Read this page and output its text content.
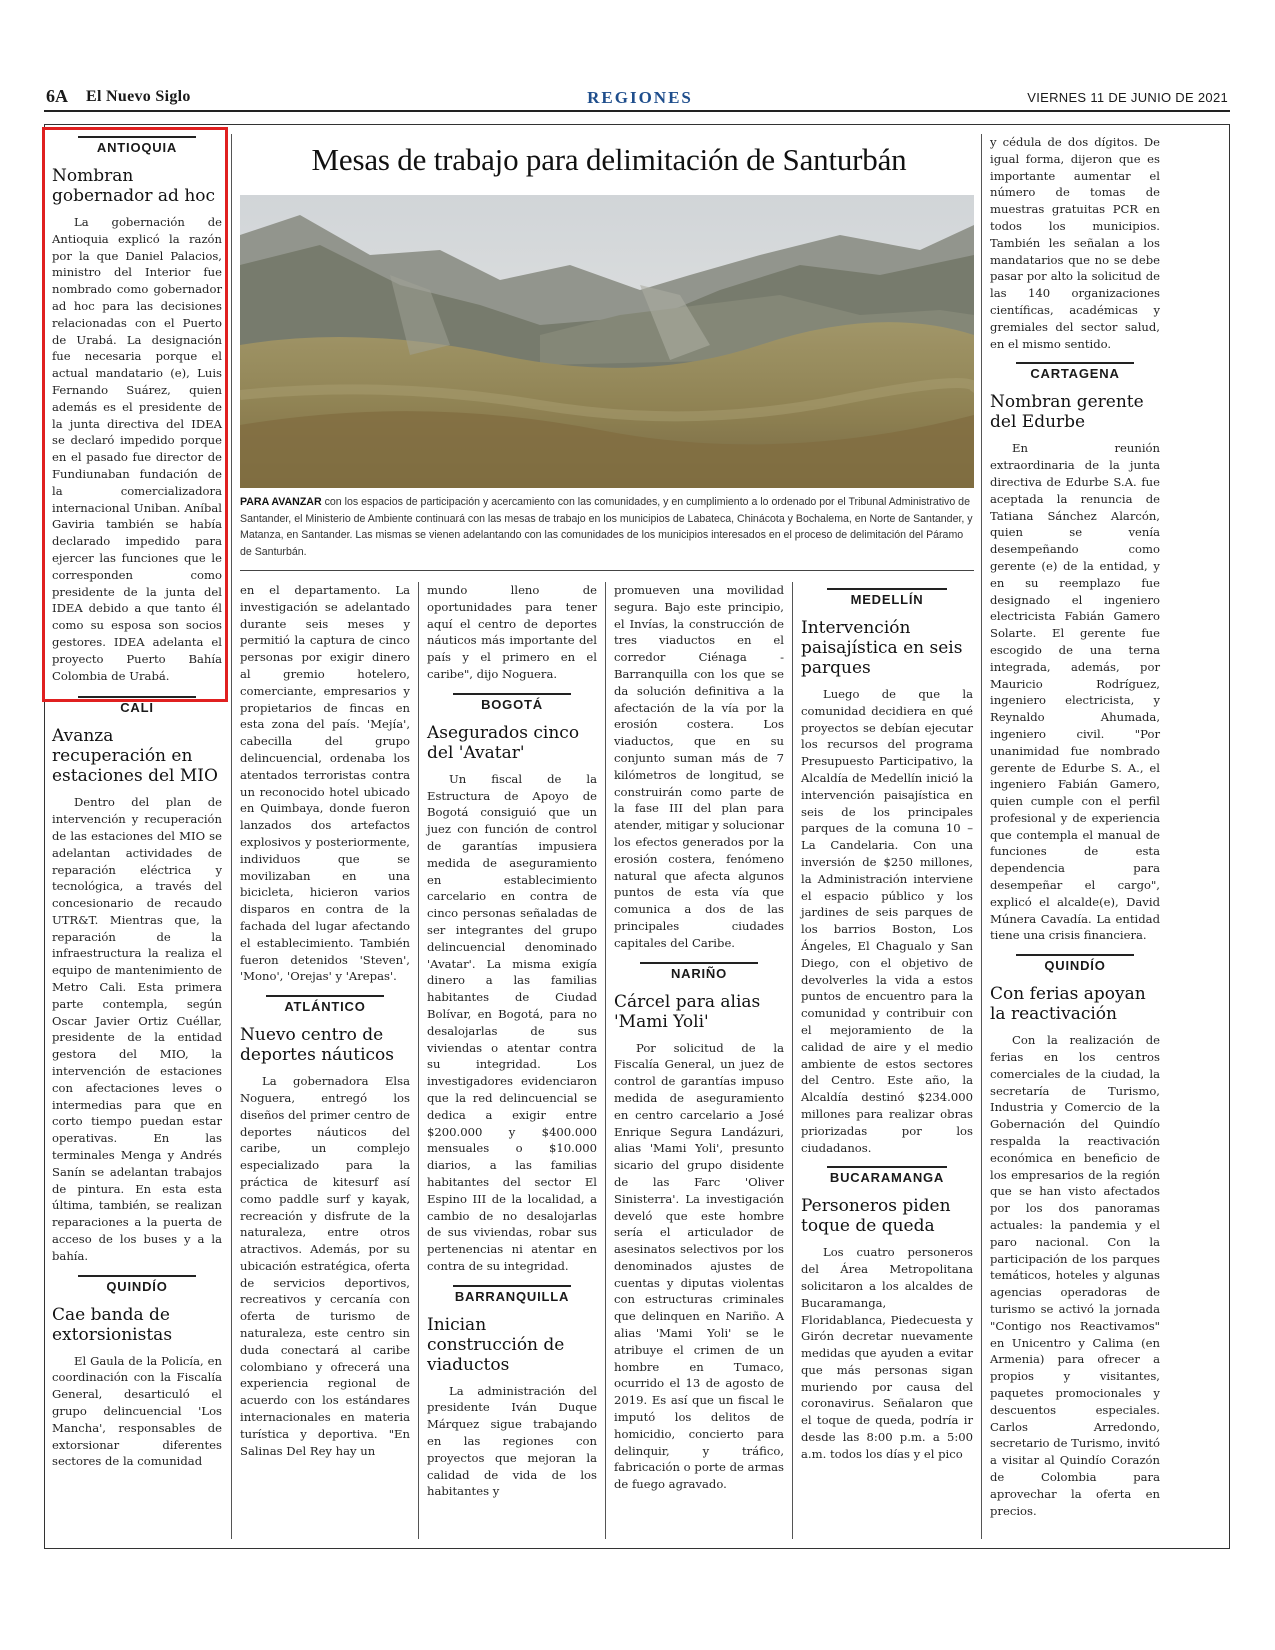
6A El Nuevo Siglo	REGIONES	VIERNES 11 DE JUNIO DE 2021
ANTIOQUIA
Nombran gobernador ad hoc

La gobernación de Antioquia explicó la razón por la que Daniel Palacios, ministro del Interior fue nombrado como gobernador ad hoc para las decisiones relacionadas con el Puerto de Urabá. La designación fue necesaria porque el actual mandatario (e), Luis Fernando Suárez, quien además es el presidente de la junta directiva del IDEA se declaró impedido porque en el pasado fue director de Fundiunaban fundación de la comercializadora internacional Uniban. Aníbal Gaviria también se había declarado impedido para ejercer las funciones que le corresponden como presidente de la junta del IDEA debido a que tanto él como su esposa son socios gestores. IDEA adelanta el proyecto Puerto Bahía Colombia de Urabá.

CALI
Avanza recuperación en estaciones del MIO

Dentro del plan de intervención y recuperación de las estaciones del MIO se adelantan actividades de reparación eléctrica y tecnológica, a través del concesionario de recaudo UTR&T. Mientras que, la reparación de la infraestructura la realiza el equipo de mantenimiento de Metro Cali. Esta primera parte contempla, según Oscar Javier Ortiz Cuéllar, presidente de la entidad gestora del MIO, la intervención de estaciones con afectaciones leves o intermedias para que en corto tiempo puedan estar operativas. En las terminales Menga y Andrés Sanín se adelantan trabajos de pintura. En esta esta última, también, se realizan reparaciones a la puerta de acceso de los buses y a la bahía.

QUINDÍO
Cae banda de extorsionistas

El Gaula de la Policía, en coordinación con la Fiscalía General, desarticuló el grupo delincuencial 'Los Mancha', responsables de extorsionar diferentes sectores de la comunidad

Mesas de trabajo para delimitación de Santurbán
PARA AVANZAR con los espacios de participación y acercamiento con las comunidades, y en cumplimiento a lo ordenado por el Tribunal Administrativo de Santander, el Ministerio de Ambiente continuará con las mesas de trabajo en los municipios de Labateca, Chinácota y Bochalema, en Norte de Santander, y Matanza, en Santander. Las mismas se vienen adelantando con las comunidades de los municipios interesados en el proceso de delimitación del Páramo de Santurbán.

en el departamento. La investigación se adelantado durante seis meses y permitió la captura de cinco personas por exigir dinero al gremio hotelero, comerciante, empresarios y propietarios de fincas en esta zona del país. 'Mejía', cabecilla del grupo delincuencial, ordenaba los atentados terroristas contra un reconocido hotel ubicado en Quimbaya, donde fueron lanzados dos artefactos explosivos y posteriormente, individuos que se movilizaban en una bicicleta, hicieron varios disparos en contra de la fachada del lugar afectando el establecimiento. También fueron detenidos 'Steven', 'Mono', 'Orejas' y 'Arepas'.

ATLÁNTICO
Nuevo centro de deportes náuticos

La gobernadora Elsa Noguera, entregó los diseños del primer centro de deportes náuticos del caribe, un complejo especializado para la práctica de kitesurf así como paddle surf y kayak, recreación y disfrute de la naturaleza, entre otros atractivos. Además, por su ubicación estratégica, oferta de servicios deportivos, recreativos y cercanía con oferta de turismo de naturaleza, este centro sin duda conectará al caribe colombiano y ofrecerá una experiencia regional de acuerdo con los estándares internacionales en materia turística y deportiva. "En Salinas Del Rey hay un

mundo lleno de oportunidades para tener aquí el centro de deportes náuticos más importante del país y el primero en el caribe", dijo Noguera.

BOGOTÁ
Asegurados cinco del 'Avatar'

Un fiscal de la Estructura de Apoyo de Bogotá consiguió que un juez con función de control de garantías impusiera medida de aseguramiento en establecimiento carcelario en contra de cinco personas señaladas de ser integrantes del grupo delincuencial denominado 'Avatar'. La misma exigía dinero a las familias habitantes de Ciudad Bolívar, en Bogotá, para no desalojarlas de sus viviendas o atentar contra su integridad. Los investigadores evidenciaron que la red delincuencial se dedica a exigir entre $200.000 y $400.000 mensuales o $10.000 diarios, a las familias habitantes del sector El Espino III de la localidad, a cambio de no desalojarlas de sus viviendas, robar sus pertenencias ni atentar en contra de su integridad.

BARRANQUILLA
Inician construcción de viaductos

La administración del presidente Iván Duque Márquez sigue trabajando en las regiones con proyectos que mejoran la calidad de vida de los habitantes y

promueven una movilidad segura. Bajo este principio, el Invías, la construcción de tres viaductos en el corredor Ciénaga - Barranquilla con los que se da solución definitiva a la afectación de la vía por la erosión costera. Los viaductos, que en su conjunto suman más de 7 kilómetros de longitud, se construirán como parte de la fase III del plan para atender, mitigar y solucionar los efectos generados por la erosión costera, fenómeno natural que afecta algunos puntos de esta vía que comunica a dos de las principales ciudades capitales del Caribe.

NARIÑO
Cárcel para alias 'Mami Yoli'

Por solicitud de la Fiscalía General, un juez de control de garantías impuso medida de aseguramiento en centro carcelario a José Enrique Segura Landázuri, alias 'Mami Yoli', presunto sicario del grupo disidente de las Farc 'Oliver Sinisterra'. La investigación develó que este hombre sería el articulador de asesinatos selectivos por los denominados ajustes de cuentas y diputas violentas con estructuras criminales que delinquen en Nariño. A alias 'Mami Yoli' se le atribuye el crimen de un hombre en Tumaco, ocurrido el 13 de agosto de 2019. Es así que un fiscal le imputó los delitos de homicidio, concierto para delinquir, y tráfico, fabricación o porte de armas de fuego agravado.

MEDELLÍN
Intervención paisajística en seis parques

Luego de que la comunidad decidiera en qué proyectos se debían ejecutar los recursos del programa Presupuesto Participativo, la Alcaldía de Medellín inició la intervención paisajística en seis de los principales parques de la comuna 10 – La Candelaria. Con una inversión de $250 millones, la Administración interviene el espacio público y los jardines de seis parques de los barrios Boston, Los Ángeles, El Chagualo y San Diego, con el objetivo de devolverles la vida a estos puntos de encuentro para la comunidad y contribuir con el mejoramiento de la calidad de aire y el medio ambiente de estos sectores del Centro. Este año, la Alcaldía destinó $234.000 millones para realizar obras priorizadas por los ciudadanos.

BUCARAMANGA
Personeros piden toque de queda

Los cuatro personeros del Área Metropolitana solicitaron a los alcaldes de Bucaramanga, Floridablanca, Piedecuesta y Girón decretar nuevamente medidas que ayuden a evitar que más personas sigan muriendo por causa del coronavirus. Señalaron que el toque de queda, podría ir desde las 8:00 p.m. a 5:00 a.m. todos los días y el pico

y cédula de dos dígitos. De igual forma, dijeron que es importante aumentar el número de tomas de muestras gratuitas PCR en todos los municipios. También les señalan a los mandatarios que no se debe pasar por alto la solicitud de las 140 organizaciones científicas, académicas y gremiales del sector salud, en el mismo sentido.

CARTAGENA
Nombran gerente del Edurbe

En reunión extraordinaria de la junta directiva de Edurbe S.A. fue aceptada la renuncia de Tatiana Sánchez Alarcón, quien se venía desempeñando como gerente (e) de la entidad, y en su reemplazo fue designado el ingeniero electricista Fabián Gamero Solarte. El gerente fue escogido de una terna integrada, además, por Mauricio Rodríguez, ingeniero electricista, y Reynaldo Ahumada, ingeniero civil. "Por unanimidad fue nombrado gerente de Edurbe S. A., el ingeniero Fabián Gamero, quien cumple con el perfil profesional y de experiencia que contempla el manual de funciones de esta dependencia para desempeñar el cargo", explicó el alcalde(e), David Múnera Cavadía. La entidad tiene una crisis financiera.

QUINDÍO
Con ferias apoyan la reactivación

Con la realización de ferias en los centros comerciales de la ciudad, la secretaría de Turismo, Industria y Comercio de la Gobernación del Quindío respalda la reactivación económica en beneficio de los empresarios de la región que se han visto afectados por los dos panoramas actuales: la pandemia y el paro nacional. Con la participación de los parques temáticos, hoteles y algunas agencias operadoras de turismo se activó la jornada "Contigo nos Reactivamos" en Unicentro y Calima (en Armenia) para ofrecer a propios y visitantes, paquetes promocionales y descuentos especiales. Carlos Arredondo, secretario de Turismo, invitó a visitar al Quindío Corazón de Colombia para aprovechar la oferta en precios.
